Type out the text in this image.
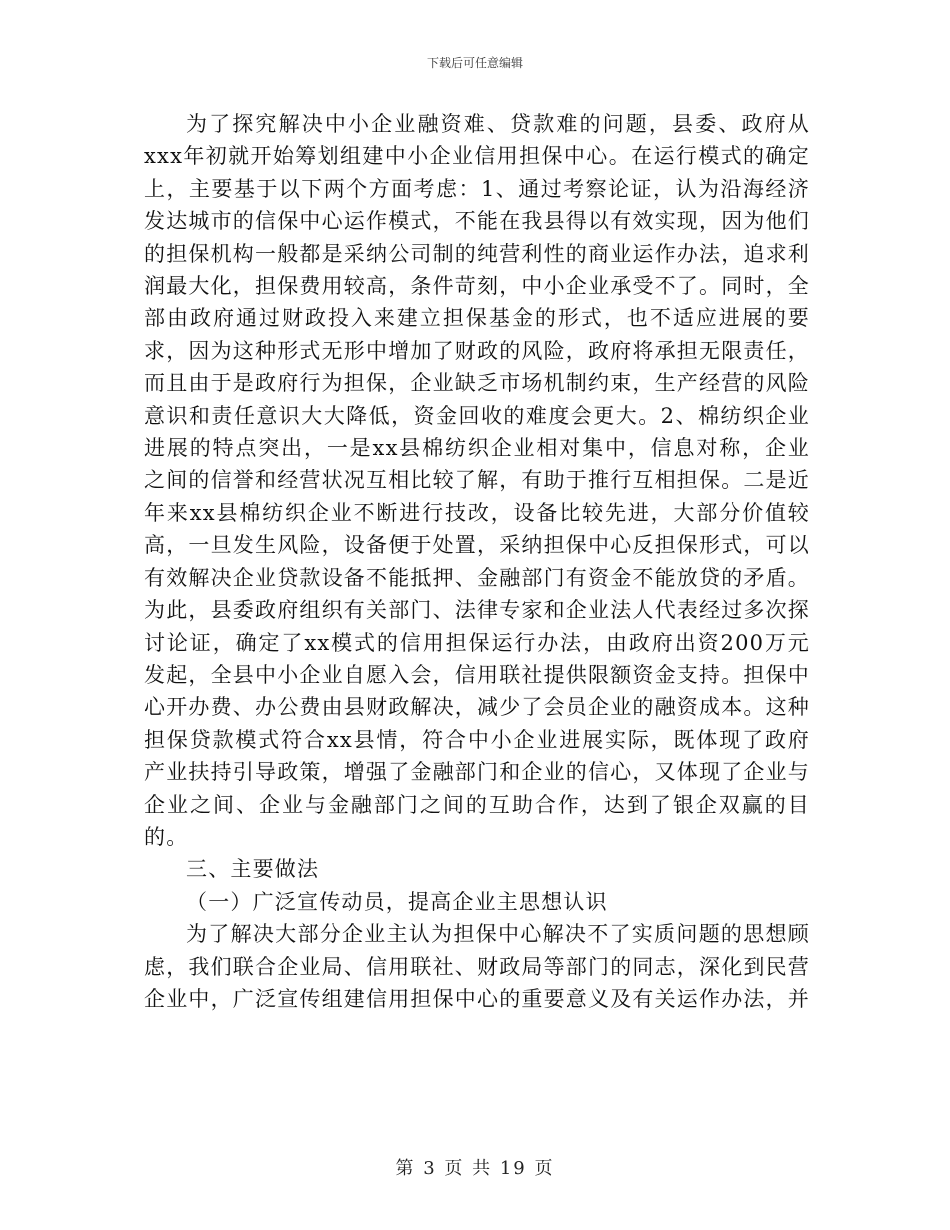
下载后可任意编辑

为了探究解决中小企业融资难、贷款难的问题，县委、政府从xxx年初就开始筹划组建中小企业信用担保中心。在运行模式的确定上，主要基于以下两个方面考虑：1、通过考察论证，认为沿海经济发达城市的信保中心运作模式，不能在我县得以有效实现，因为他们的担保机构一般都是采纳公司制的纯营利性的商业运作办法，追求利润最大化，担保费用较高，条件苛刻，中小企业承受不了。同时，全部由政府通过财政投入来建立担保基金的形式，也不适应进展的要求，因为这种形式无形中增加了财政的风险，政府将承担无限责任，而且由于是政府行为担保，企业缺乏市场机制约束，生产经营的风险意识和责任意识大大降低，资金回收的难度会更大。2、棉纺织企业进展的特点突出，一是xx县棉纺织企业相对集中，信息对称，企业之间的信誉和经营状况互相比较了解，有助于推行互相担保。二是近年来xx县棉纺织企业不断进行技改，设备比较先进，大部分价值较高，一旦发生风险，设备便于处置，采纳担保中心反担保形式，可以有效解决企业贷款设备不能抵押、金融部门有资金不能放贷的矛盾。为此，县委政府组织有关部门、法律专家和企业法人代表经过多次探讨论证，确定了xx模式的信用担保运行办法，由政府出资200万元发起，全县中小企业自愿入会，信用联社提供限额资金支持。担保中心开办费、办公费由县财政解决，减少了会员企业的融资成本。这种担保贷款模式符合xx县情，符合中小企业进展实际，既体现了政府产业扶持引导政策，增强了金融部门和企业的信心，又体现了企业与企业之间、企业与金融部门之间的互助合作，达到了银企双赢的目的。

三、主要做法

（一）广泛宣传动员，提高企业主思想认识

为了解决大部分企业主认为担保中心解决不了实质问题的思想顾虑，我们联合企业局、信用联社、财政局等部门的同志，深化到民营企业中，广泛宣传组建信用担保中心的重要意义及有关运作办法，并

第 3 页 共 19 页
